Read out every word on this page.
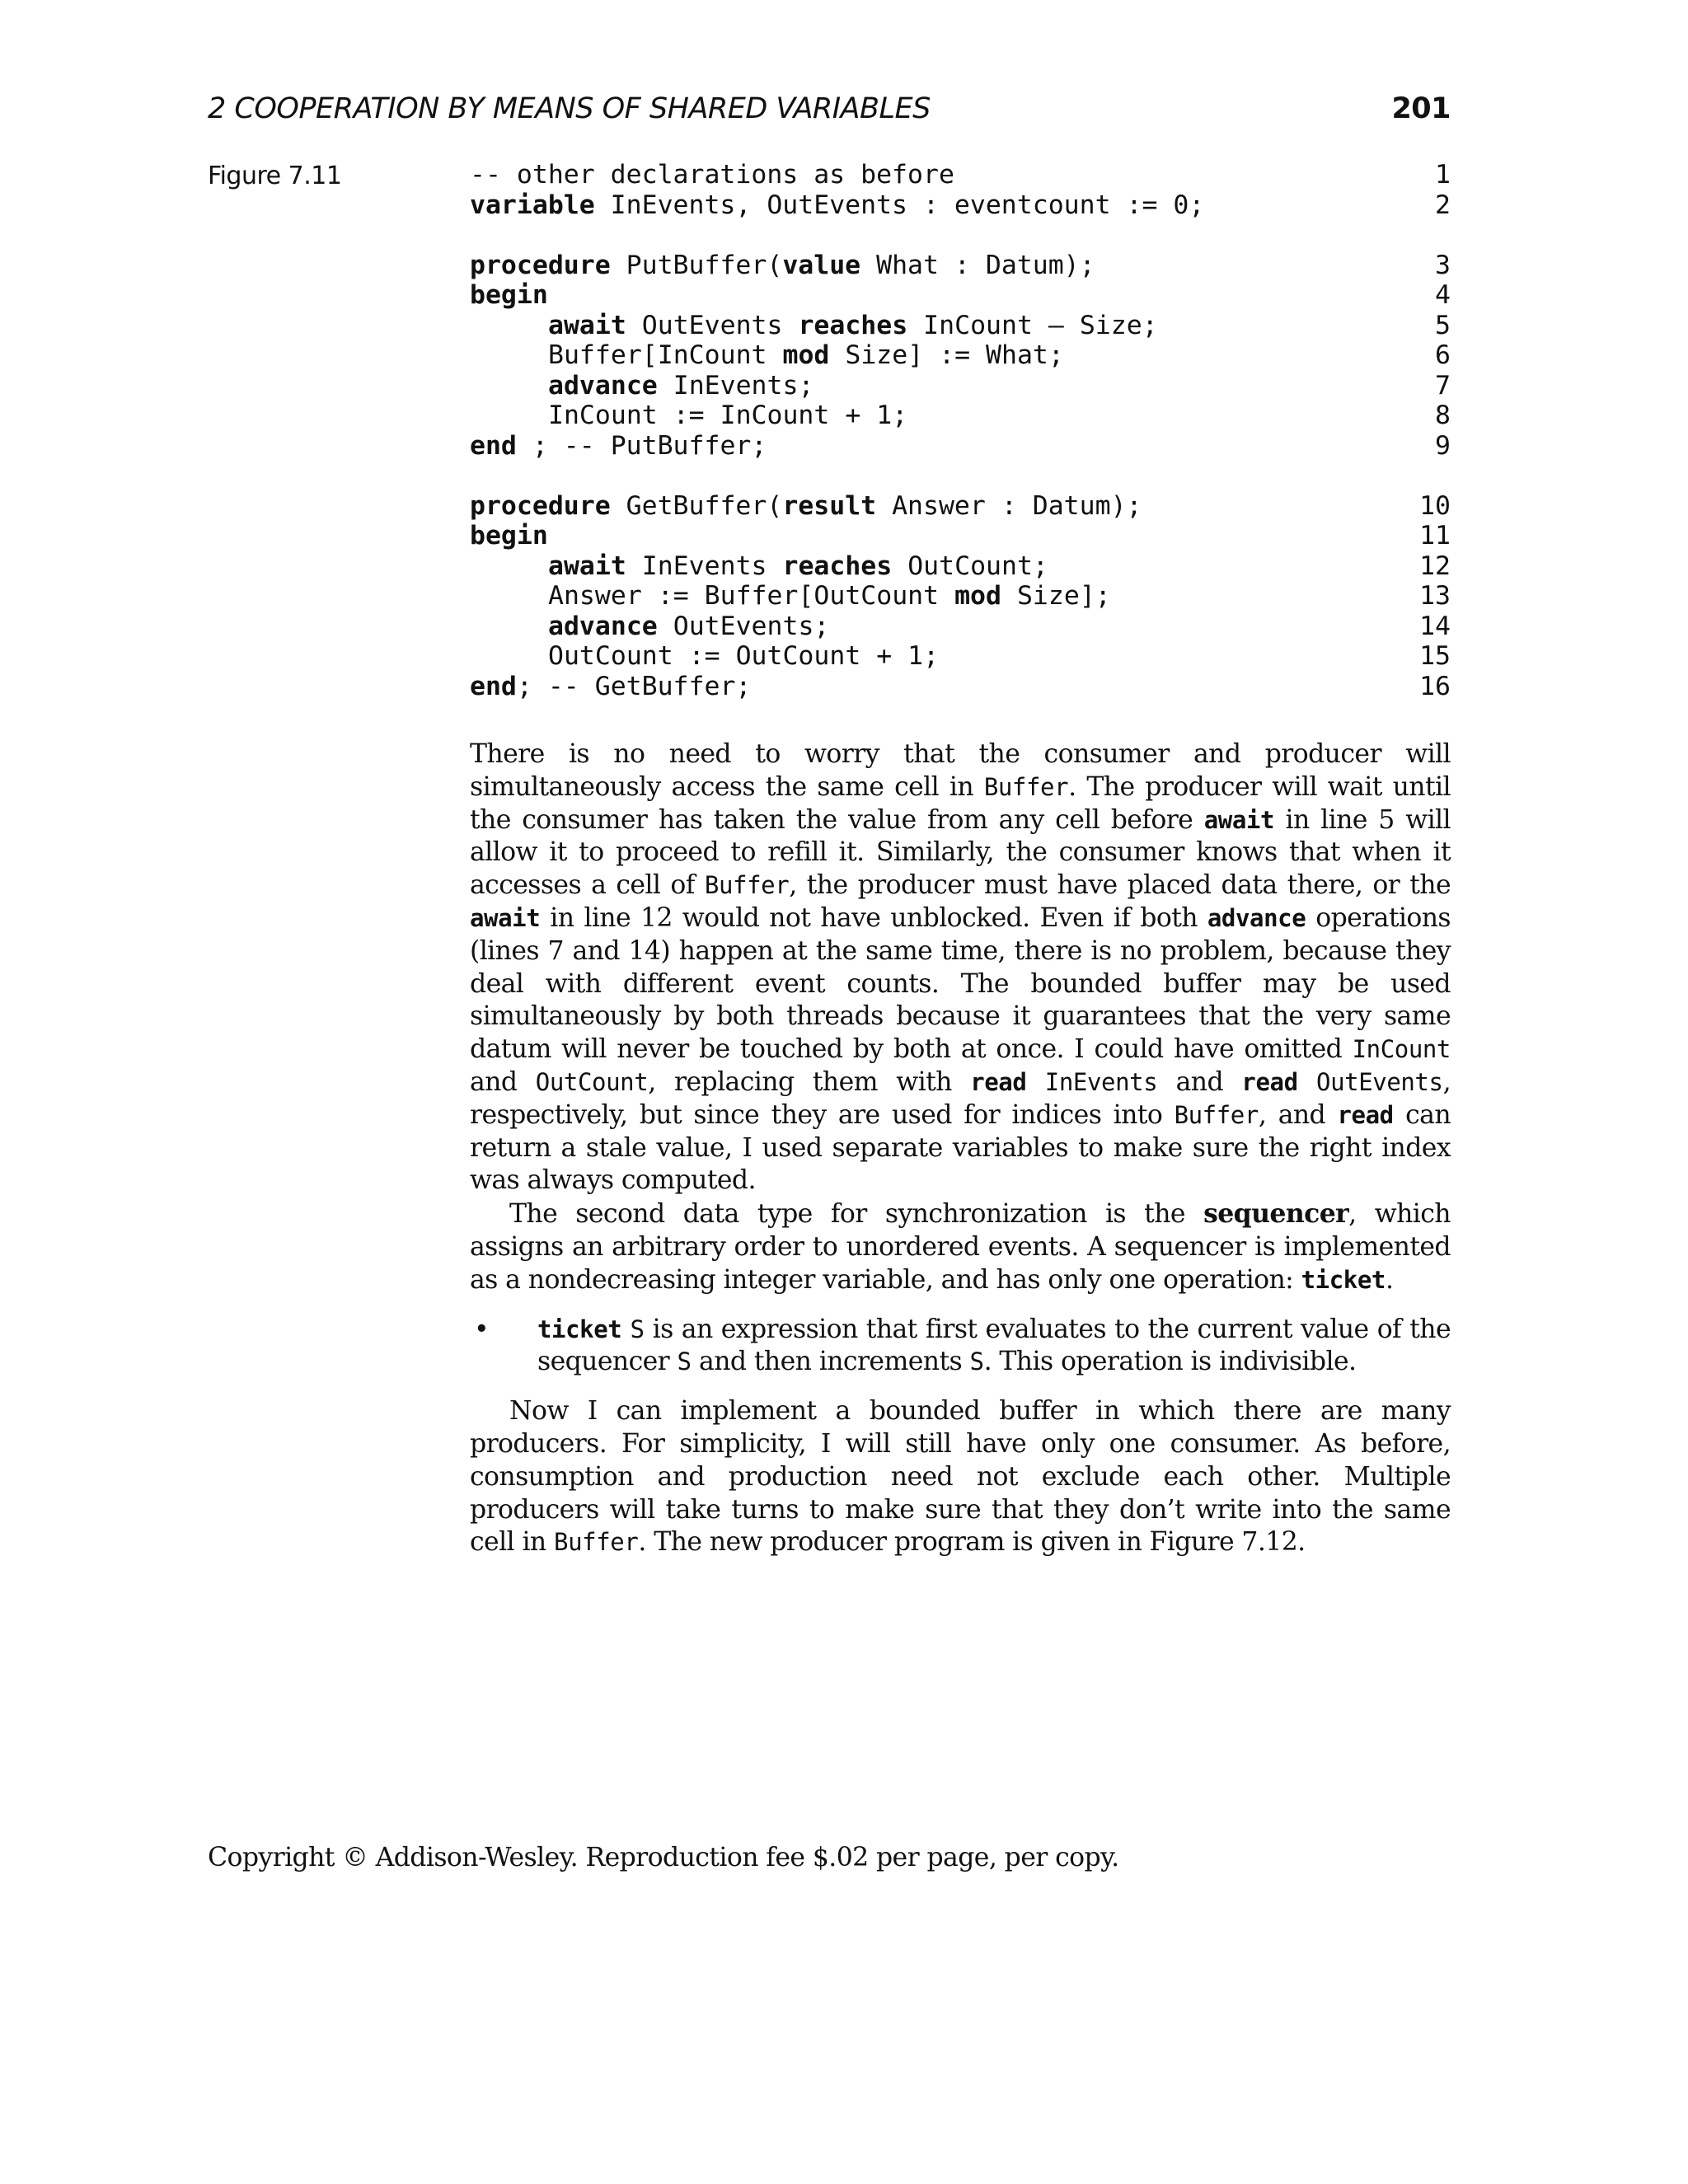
2 COOPERATION BY MEANS OF SHARED VARIABLES	201
Figure 7.11	-- other declarations as before	1
variable InEvents, OutEvents : eventcount := 0;	2
procedure PutBuffer(value What : Datum);	3
begin	4
await OutEvents reaches InCount – Size;	5
Buffer[InCount mod Size] := What;	6
advance InEvents;	7
InCount := InCount + 1;	8
end ; -- PutBuffer;	9
procedure GetBuffer(result Answer : Datum);	10
begin	11
await InEvents reaches OutCount;	12
Answer := Buffer[OutCount mod Size];	13
advance OutEvents;	14
OutCount := OutCount + 1;	15
end; -- GetBuffer;	16

There is no need to worry that the consumer and producer will simultaneously access the same cell in Buffer. The producer will wait until the consumer has taken the value from any cell before await in line 5 will allow it to proceed to refill it. Similarly, the consumer knows that when it accesses a cell of Buffer, the producer must have placed data there, or the await in line 12 would not have unblocked. Even if both advance operations (lines 7 and 14) happen at the same time, there is no problem, because they deal with different event counts. The bounded buffer may be used simultaneously by both threads because it guarantees that the very same datum will never be touched by both at once. I could have omitted InCount and OutCount, replacing them with read InEvents and read OutEvents, respectively, but since they are used for indices into Buffer, and read can return a stale value, I used separate variables to make sure the right index was always computed.

The second data type for synchronization is the sequencer, which assigns an arbitrary order to unordered events. A sequencer is implemented as a nondecreasing integer variable, and has only one operation: ticket.

• ticket S is an expression that first evaluates to the current value of the sequencer S and then increments S. This operation is indivisible.

Now I can implement a bounded buffer in which there are many producers. For simplicity, I will still have only one consumer. As before, consumption and production need not exclude each other. Multiple producers will take turns to make sure that they don’t write into the same cell in Buffer. The new producer program is given in Figure 7.12.

Copyright © Addison-Wesley. Reproduction fee $.02 per page, per copy.
